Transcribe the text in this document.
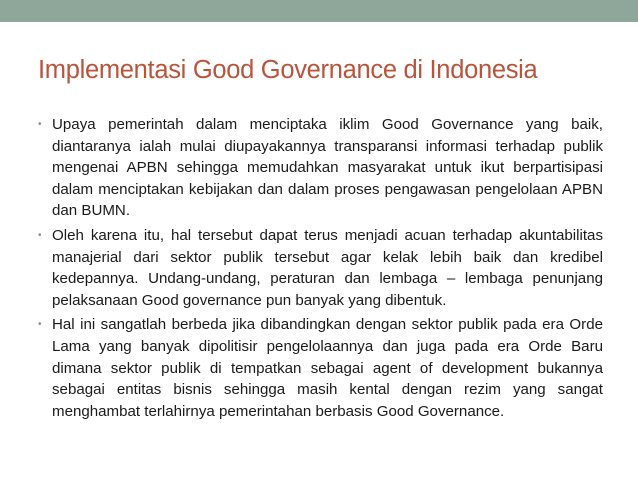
Implementasi Good Governance di Indonesia
• Upaya pemerintah dalam menciptaka iklim Good Governance yang baik, diantaranya ialah mulai diupayakannya transparansi informasi terhadap publik mengenai APBN sehingga memudahkan masyarakat untuk ikut berpartisipasi dalam menciptakan kebijakan dan dalam proses pengawasan pengelolaan APBN dan BUMN.
• Oleh karena itu, hal tersebut dapat terus menjadi acuan terhadap akuntabilitas manajerial dari sektor publik tersebut agar kelak lebih baik dan kredibel kedepannya. Undang-undang, peraturan dan lembaga – lembaga penunjang pelaksanaan Good governance pun banyak yang dibentuk.
• Hal ini sangatlah berbeda jika dibandingkan dengan sektor publik pada era Orde Lama yang banyak dipolitisir pengelolaannya dan juga pada era Orde Baru dimana sektor publik di tempatkan sebagai agent of development bukannya sebagai entitas bisnis sehingga masih kental dengan rezim yang sangat menghambat terlahirnya pemerintahan berbasis Good Governance.
